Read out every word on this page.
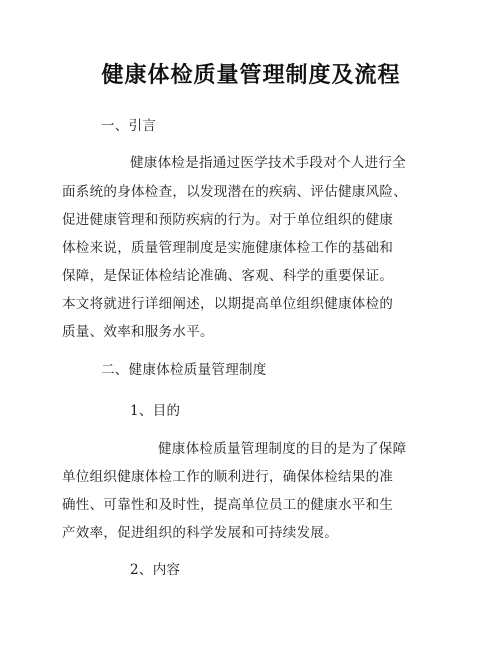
健康体检质量管理制度及流程
一、引言
健康体检是指通过医学技术手段对个人进行全
面系统的身体检查，以发现潜在的疾病、评估健康风险、
促进健康管理和预防疾病的行为。对于单位组织的健康
体检来说，质量管理制度是实施健康体检工作的基础和
保障，是保证体检结论准确、客观、科学的重要保证。
本文将就进行详细阐述，以期提高单位组织健康体检的
质量、效率和服务水平。
二、健康体检质量管理制度
1、目的
健康体检质量管理制度的目的是为了保障
单位组织健康体检工作的顺利进行，确保体检结果的准
确性、可靠性和及时性，提高单位员工的健康水平和生
产效率，促进组织的科学发展和可持续发展。
2、内容
